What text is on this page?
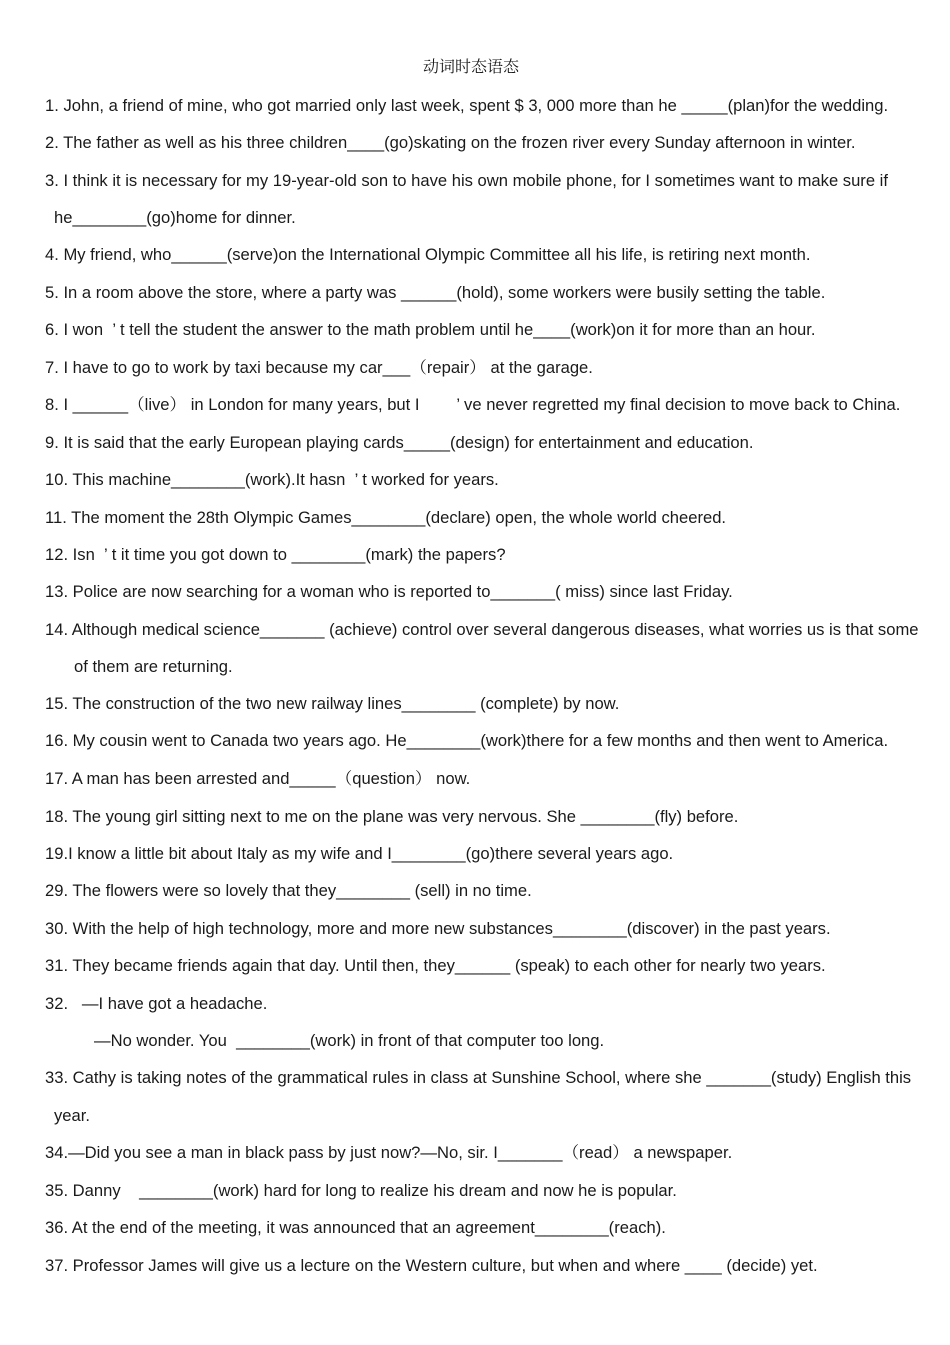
动词时态语态
1. John, a friend of mine, who got married only last week, spent $ 3, 000 more than he _____(plan)for the wedding.
2. The father as well as his three children____(go)skating on the frozen river every Sunday afternoon in winter.
3. I think it is necessary for my 19-year-old son to have his own mobile phone, for I sometimes want to make sure if
he________(go)home for dinner.
4. My friend, who______(serve)on the International Olympic Committee all his life, is retiring next month.
5. In a room above the store, where a party was ______(hold), some workers were busily setting the table.
6. I won  ’ t tell the student the answer to the math problem until he____(work)on it for more than an hour.
7. I have to go to work by taxi because my car___（repair） at the garage.
8. I ______（live） in London for many years, but I        ’ ve never regretted my final decision to move back to China.
9. It is said that the early European playing cards_____(design) for entertainment and education.
10. This machine________(work).It hasn  ’ t worked for years.
11. The moment the 28th Olympic Games________(declare) open, the whole world cheered.
12. Isn  ’ t it time you got down to ________(mark) the papers?
13. Police are now searching for a woman who is reported to_______( miss) since last Friday.
14. Although medical science_______ (achieve) control over several dangerous diseases, what worries us is that some
of them are returning.
15. The construction of the two new railway lines________ (complete) by now.
16. My cousin went to Canada two years ago. He________(work)there for a few months and then went to America.
17. A man has been arrested and_____（question） now.
18. The young girl sitting next to me on the plane was very nervous. She ________(fly) before.
19.I know a little bit about Italy as my wife and I________(go)there several years ago.
29. The flowers were so lovely that they________ (sell) in no time.
30. With the help of high technology, more and more new substances________(discover) in the past years.
31. They became friends again that day. Until then, they______ (speak) to each other for nearly two years.
32.   —I have got a headache.
—No wonder. You  ________(work) in front of that computer too long.
33. Cathy is taking notes of the grammatical rules in class at Sunshine School, where she _______(study) English this
year.
34.—Did you see a man in black pass by just now?—No, sir. I_______（read） a newspaper.
35. Danny    ________(work) hard for long to realize his dream and now he is popular.
36. At the end of the meeting, it was announced that an agreement________(reach).
37. Professor James will give us a lecture on the Western culture, but when and where ____ (decide) yet.
